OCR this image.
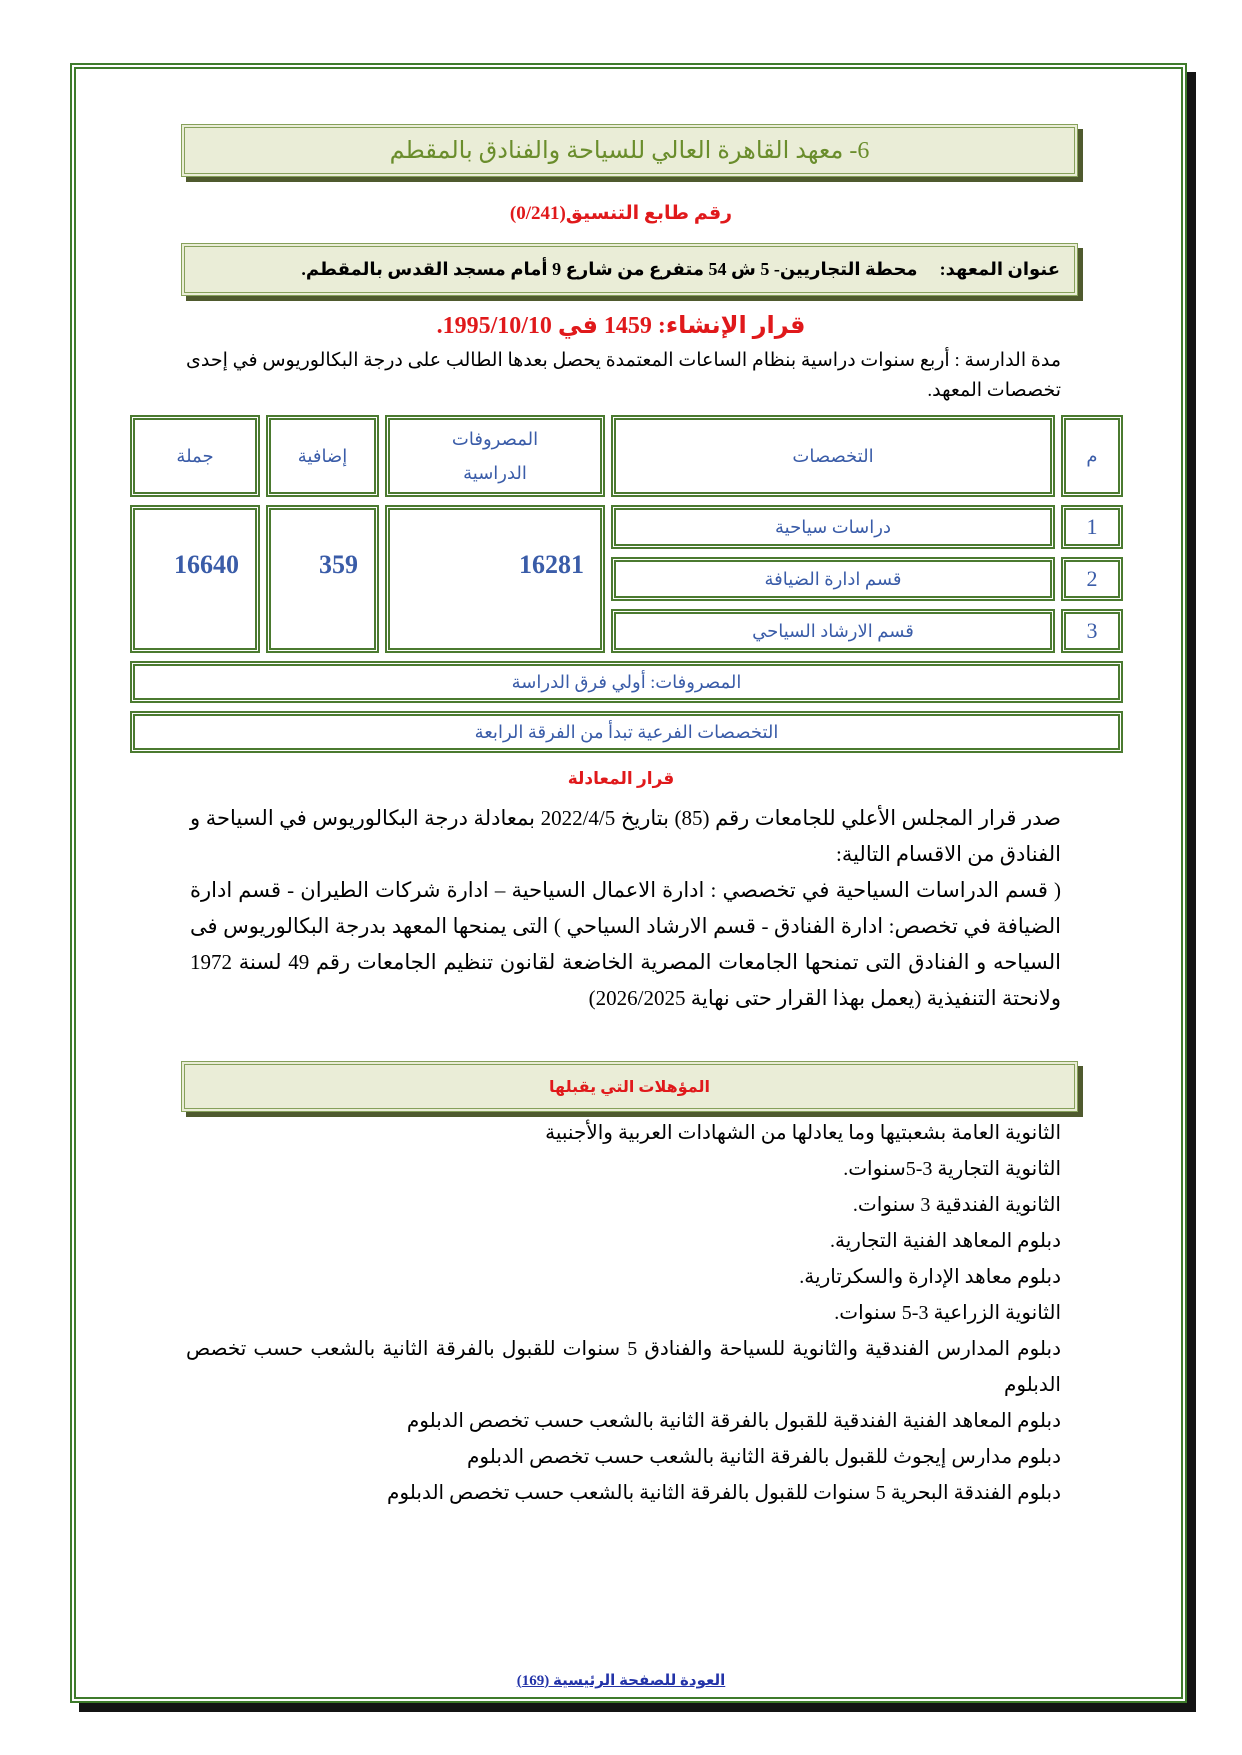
6- معهد القاهرة العالي للسياحة والفنادق بالمقطم
رقم طابع التنسيق(0/241)
عنوان المعهد:
محطة التجاريين- 5 ش 54 متفرع من شارع 9 أمام مسجد القدس بالمقطم.
قرار الإنشاء: 1459 في 1995/10/10.

مدة الدارسة : أربع سنوات دراسية بنظام الساعات المعتمدة يحصل بعدها الطالب على درجة البكالوريوس في إحدى تخصصات المعهد.

م
التخصصات
المصروفات
الدراسية
إضافية
جملة
1
دراسات سياحية
2
قسم ادارة الضيافة
3
قسم الارشاد السياحي
16281
359
16640
المصروفات: أولي فرق الدراسة
التخصصات الفرعية تبدأ من الفرقة الرابعة
قرار المعادلة

صدر قرار المجلس الأعلي للجامعات رقم (85) بتاريخ 2022/4/5 بمعادلة درجة البكالوريوس في السياحة و الفنادق من الاقسام التالية:

( قسم الدراسات السياحية في تخصصي : ادارة الاعمال السياحية – ادارة شركات الطيران - قسم ادارة الضيافة في تخصص: ادارة الفنادق - قسم الارشاد السياحي ) التى يمنحها المعهد بدرجة البكالوريوس فى السياحه و الفنادق التى تمنحها الجامعات المصرية الخاضعة لقانون تنظيم الجامعات رقم 49 لسنة 1972 ولانحتة التنفيذية (يعمل بهذا القرار حتى نهاية 2026/2025)

المؤهلات التي يقبلها
الثانوية العامة بشعبتيها وما يعادلها من الشهادات العربية والأجنبية
الثانوية التجارية 3-5سنوات.
الثانوية الفندقية 3 سنوات.
دبلوم المعاهد الفنية التجارية.
دبلوم معاهد الإدارة والسكرتارية.
الثانوية الزراعية 3-5 سنوات.
دبلوم المدارس الفندقية والثانوية للسياحة والفنادق 5 سنوات للقبول بالفرقة الثانية بالشعب حسب تخصص الدبلوم
دبلوم المعاهد الفنية الفندقية للقبول بالفرقة الثانية بالشعب حسب تخصص الدبلوم
دبلوم مدارس إيجوث للقبول بالفرقة الثانية بالشعب حسب تخصص الدبلوم
دبلوم الفندقة البحرية 5 سنوات للقبول بالفرقة الثانية بالشعب حسب تخصص الدبلوم
العودة للصفحة الرئيسية (169)
